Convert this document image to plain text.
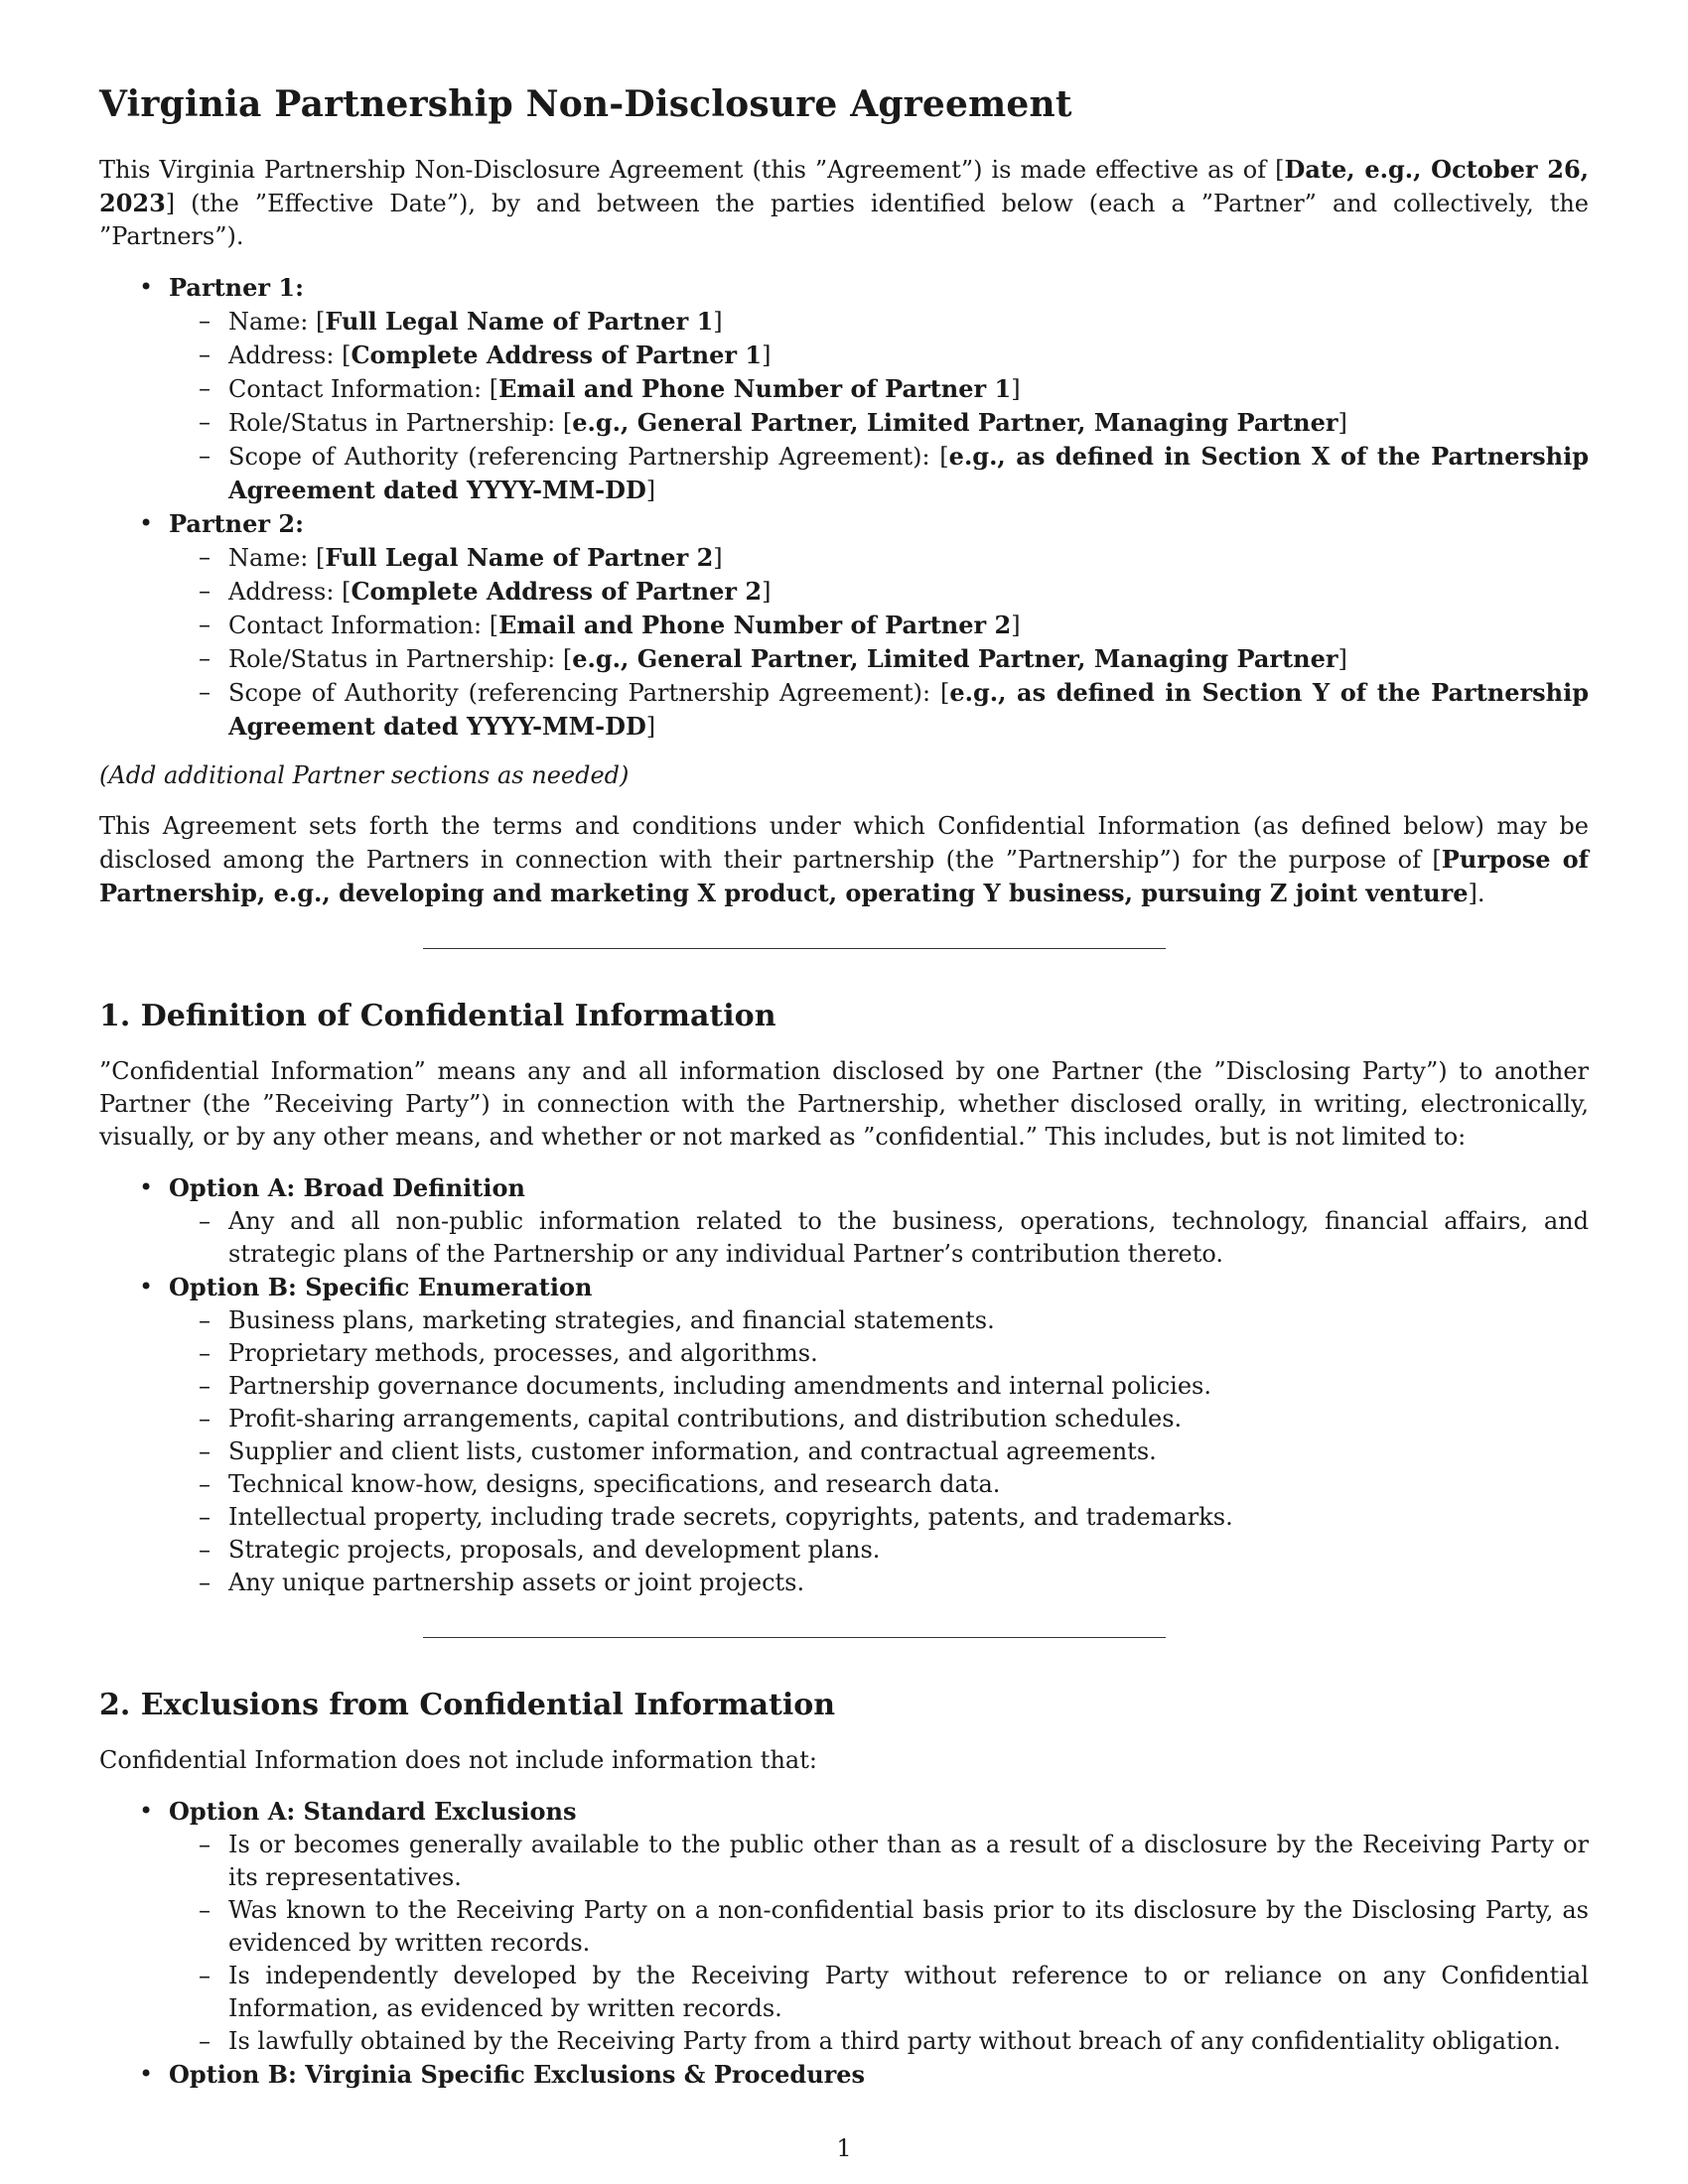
Virginia Partnership Non-Disclosure Agreement

This Virginia Partnership Non-Disclosure Agreement (this ”Agreement”) is made effective as of [Date, e.g., October 26, 2023] (the ”Effective Date”), by and between the parties identified below (each a ”Partner” and collectively, the ”Partners”).

• Partner 1:
– Name: [Full Legal Name of Partner 1]
– Address: [Complete Address of Partner 1]
– Contact Information: [Email and Phone Number of Partner 1]
– Role/Status in Partnership: [e.g., General Partner, Limited Partner, Managing Partner]
– Scope of Authority (referencing Partnership Agreement): [e.g., as defined in Section X of the Partnership Agreement dated YYYY-MM-DD]
• Partner 2:
– Name: [Full Legal Name of Partner 2]
– Address: [Complete Address of Partner 2]
– Contact Information: [Email and Phone Number of Partner 2]
– Role/Status in Partnership: [e.g., General Partner, Limited Partner, Managing Partner]
– Scope of Authority (referencing Partnership Agreement): [e.g., as defined in Section Y of the Partnership Agreement dated YYYY-MM-DD]

(Add additional Partner sections as needed)

This Agreement sets forth the terms and conditions under which Confidential Information (as defined below) may be disclosed among the Partners in connection with their partnership (the ”Partnership”) for the purpose of [Purpose of Partnership, e.g., developing and marketing X product, operating Y business, pursuing Z joint venture].

1. Definition of Confidential Information

”Confidential Information” means any and all information disclosed by one Partner (the ”Disclosing Party”) to another Partner (the ”Receiving Party”) in connection with the Partnership, whether disclosed orally, in writing, electronically, visually, or by any other means, and whether or not marked as ”confidential.” This includes, but is not limited to:

• Option A: Broad Definition
– Any and all non-public information related to the business, operations, technology, financial affairs, and strategic plans of the Partnership or any individual Partner’s contribution thereto.
• Option B: Specific Enumeration
– Business plans, marketing strategies, and financial statements.
– Proprietary methods, processes, and algorithms.
– Partnership governance documents, including amendments and internal policies.
– Profit-sharing arrangements, capital contributions, and distribution schedules.
– Supplier and client lists, customer information, and contractual agreements.
– Technical know-how, designs, specifications, and research data.
– Intellectual property, including trade secrets, copyrights, patents, and trademarks.
– Strategic projects, proposals, and development plans.
– Any unique partnership assets or joint projects.
2. Exclusions from Confidential Information

Confidential Information does not include information that:

• Option A: Standard Exclusions
– Is or becomes generally available to the public other than as a result of a disclosure by the Receiving Party or its representatives.
– Was known to the Receiving Party on a non-confidential basis prior to its disclosure by the Disclosing Party, as evidenced by written records.
– Is independently developed by the Receiving Party without reference to or reliance on any Confidential Information, as evidenced by written records.
– Is lawfully obtained by the Receiving Party from a third party without breach of any confidentiality obligation.
• Option B: Virginia Specific Exclusions & Procedures
1
